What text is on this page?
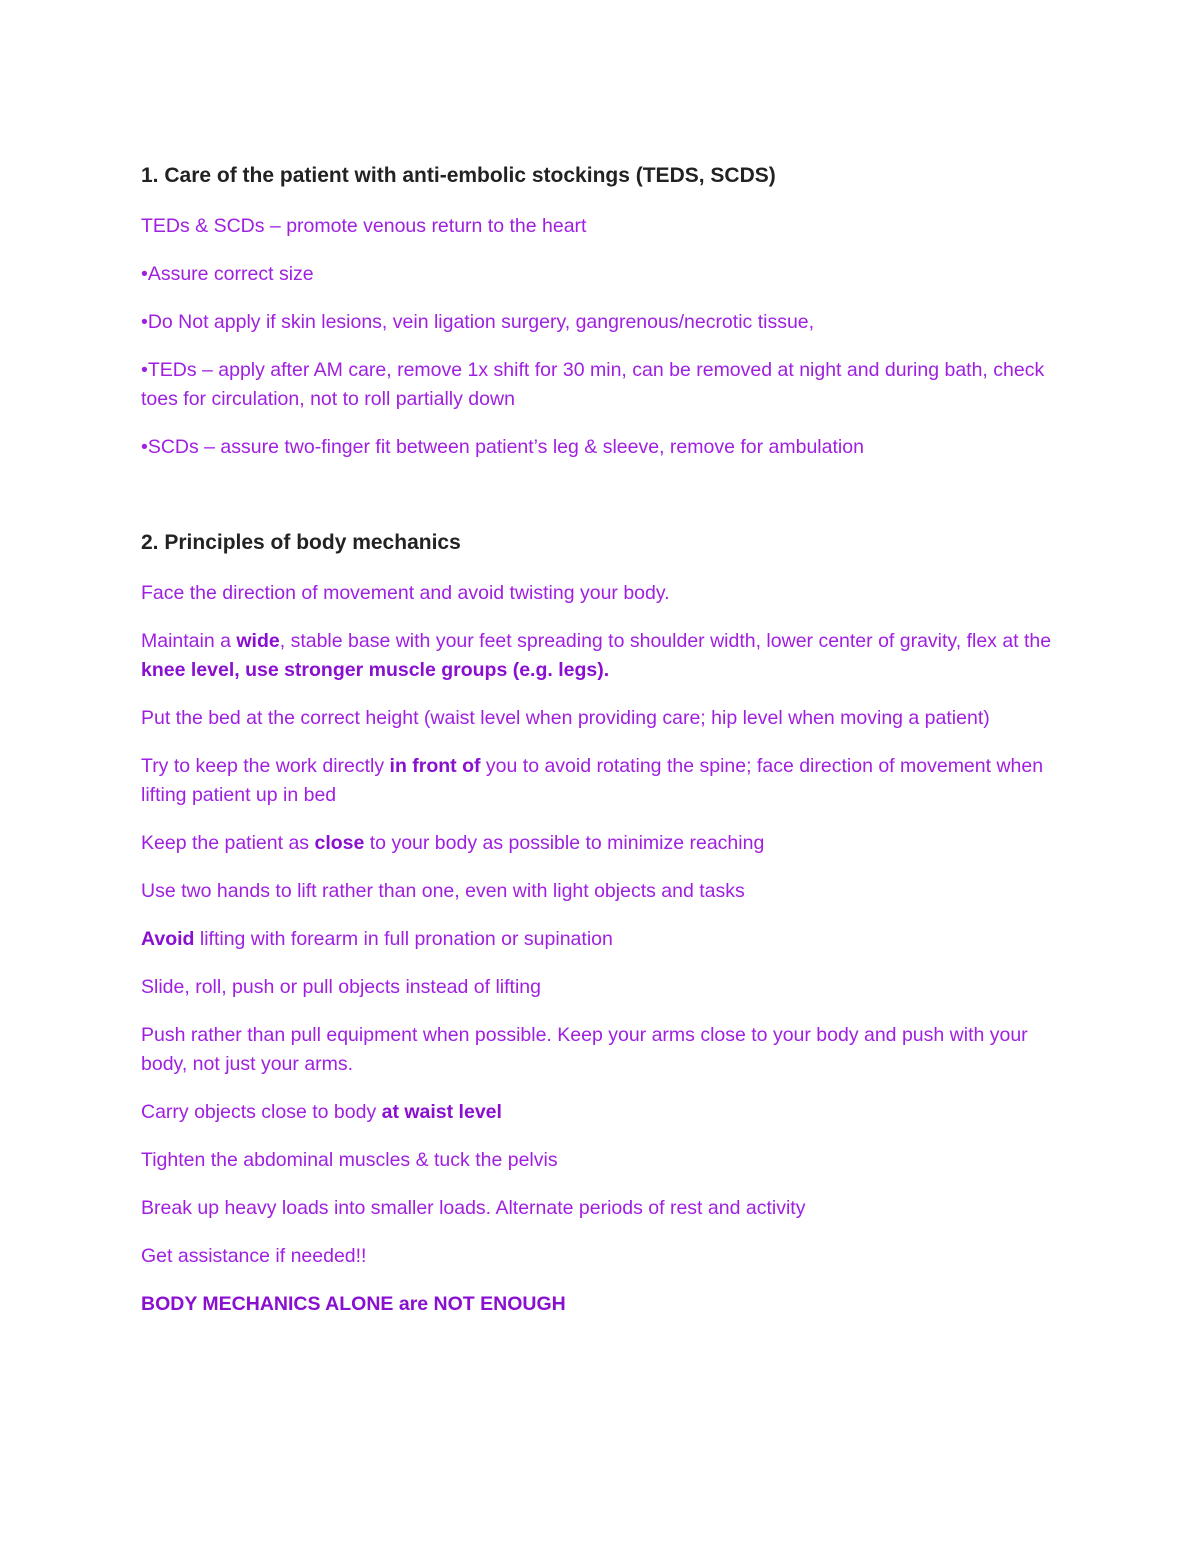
1. Care of the patient with anti-embolic stockings (TEDS, SCDS)

TEDs & SCDs – promote venous return to the heart

•Assure correct size

•Do Not apply if skin lesions, vein ligation surgery, gangrenous/necrotic tissue,

•TEDs – apply after AM care, remove 1x shift for 30 min, can be removed at night and during bath, check toes for circulation, not to roll partially down

•SCDs – assure two-finger fit between patient’s leg & sleeve, remove for ambulation

2. Principles of body mechanics

Face the direction of movement and avoid twisting your body.

Maintain a wide, stable base with your feet spreading to shoulder width, lower center of gravity, flex at the knee level, use stronger muscle groups (e.g. legs).

Put the bed at the correct height (waist level when providing care; hip level when moving a patient)

Try to keep the work directly in front of you to avoid rotating the spine; face direction of movement when lifting patient up in bed

Keep the patient as close to your body as possible to minimize reaching

Use two hands to lift rather than one, even with light objects and tasks

Avoid lifting with forearm in full pronation or supination

Slide, roll, push or pull objects instead of lifting

Push rather than pull equipment when possible. Keep your arms close to your body and push with your body, not just your arms.

Carry objects close to body at waist level

Tighten the abdominal muscles & tuck the pelvis

Break up heavy loads into smaller loads. Alternate periods of rest and activity

Get assistance if needed!!

BODY MECHANICS ALONE are NOT ENOUGH
